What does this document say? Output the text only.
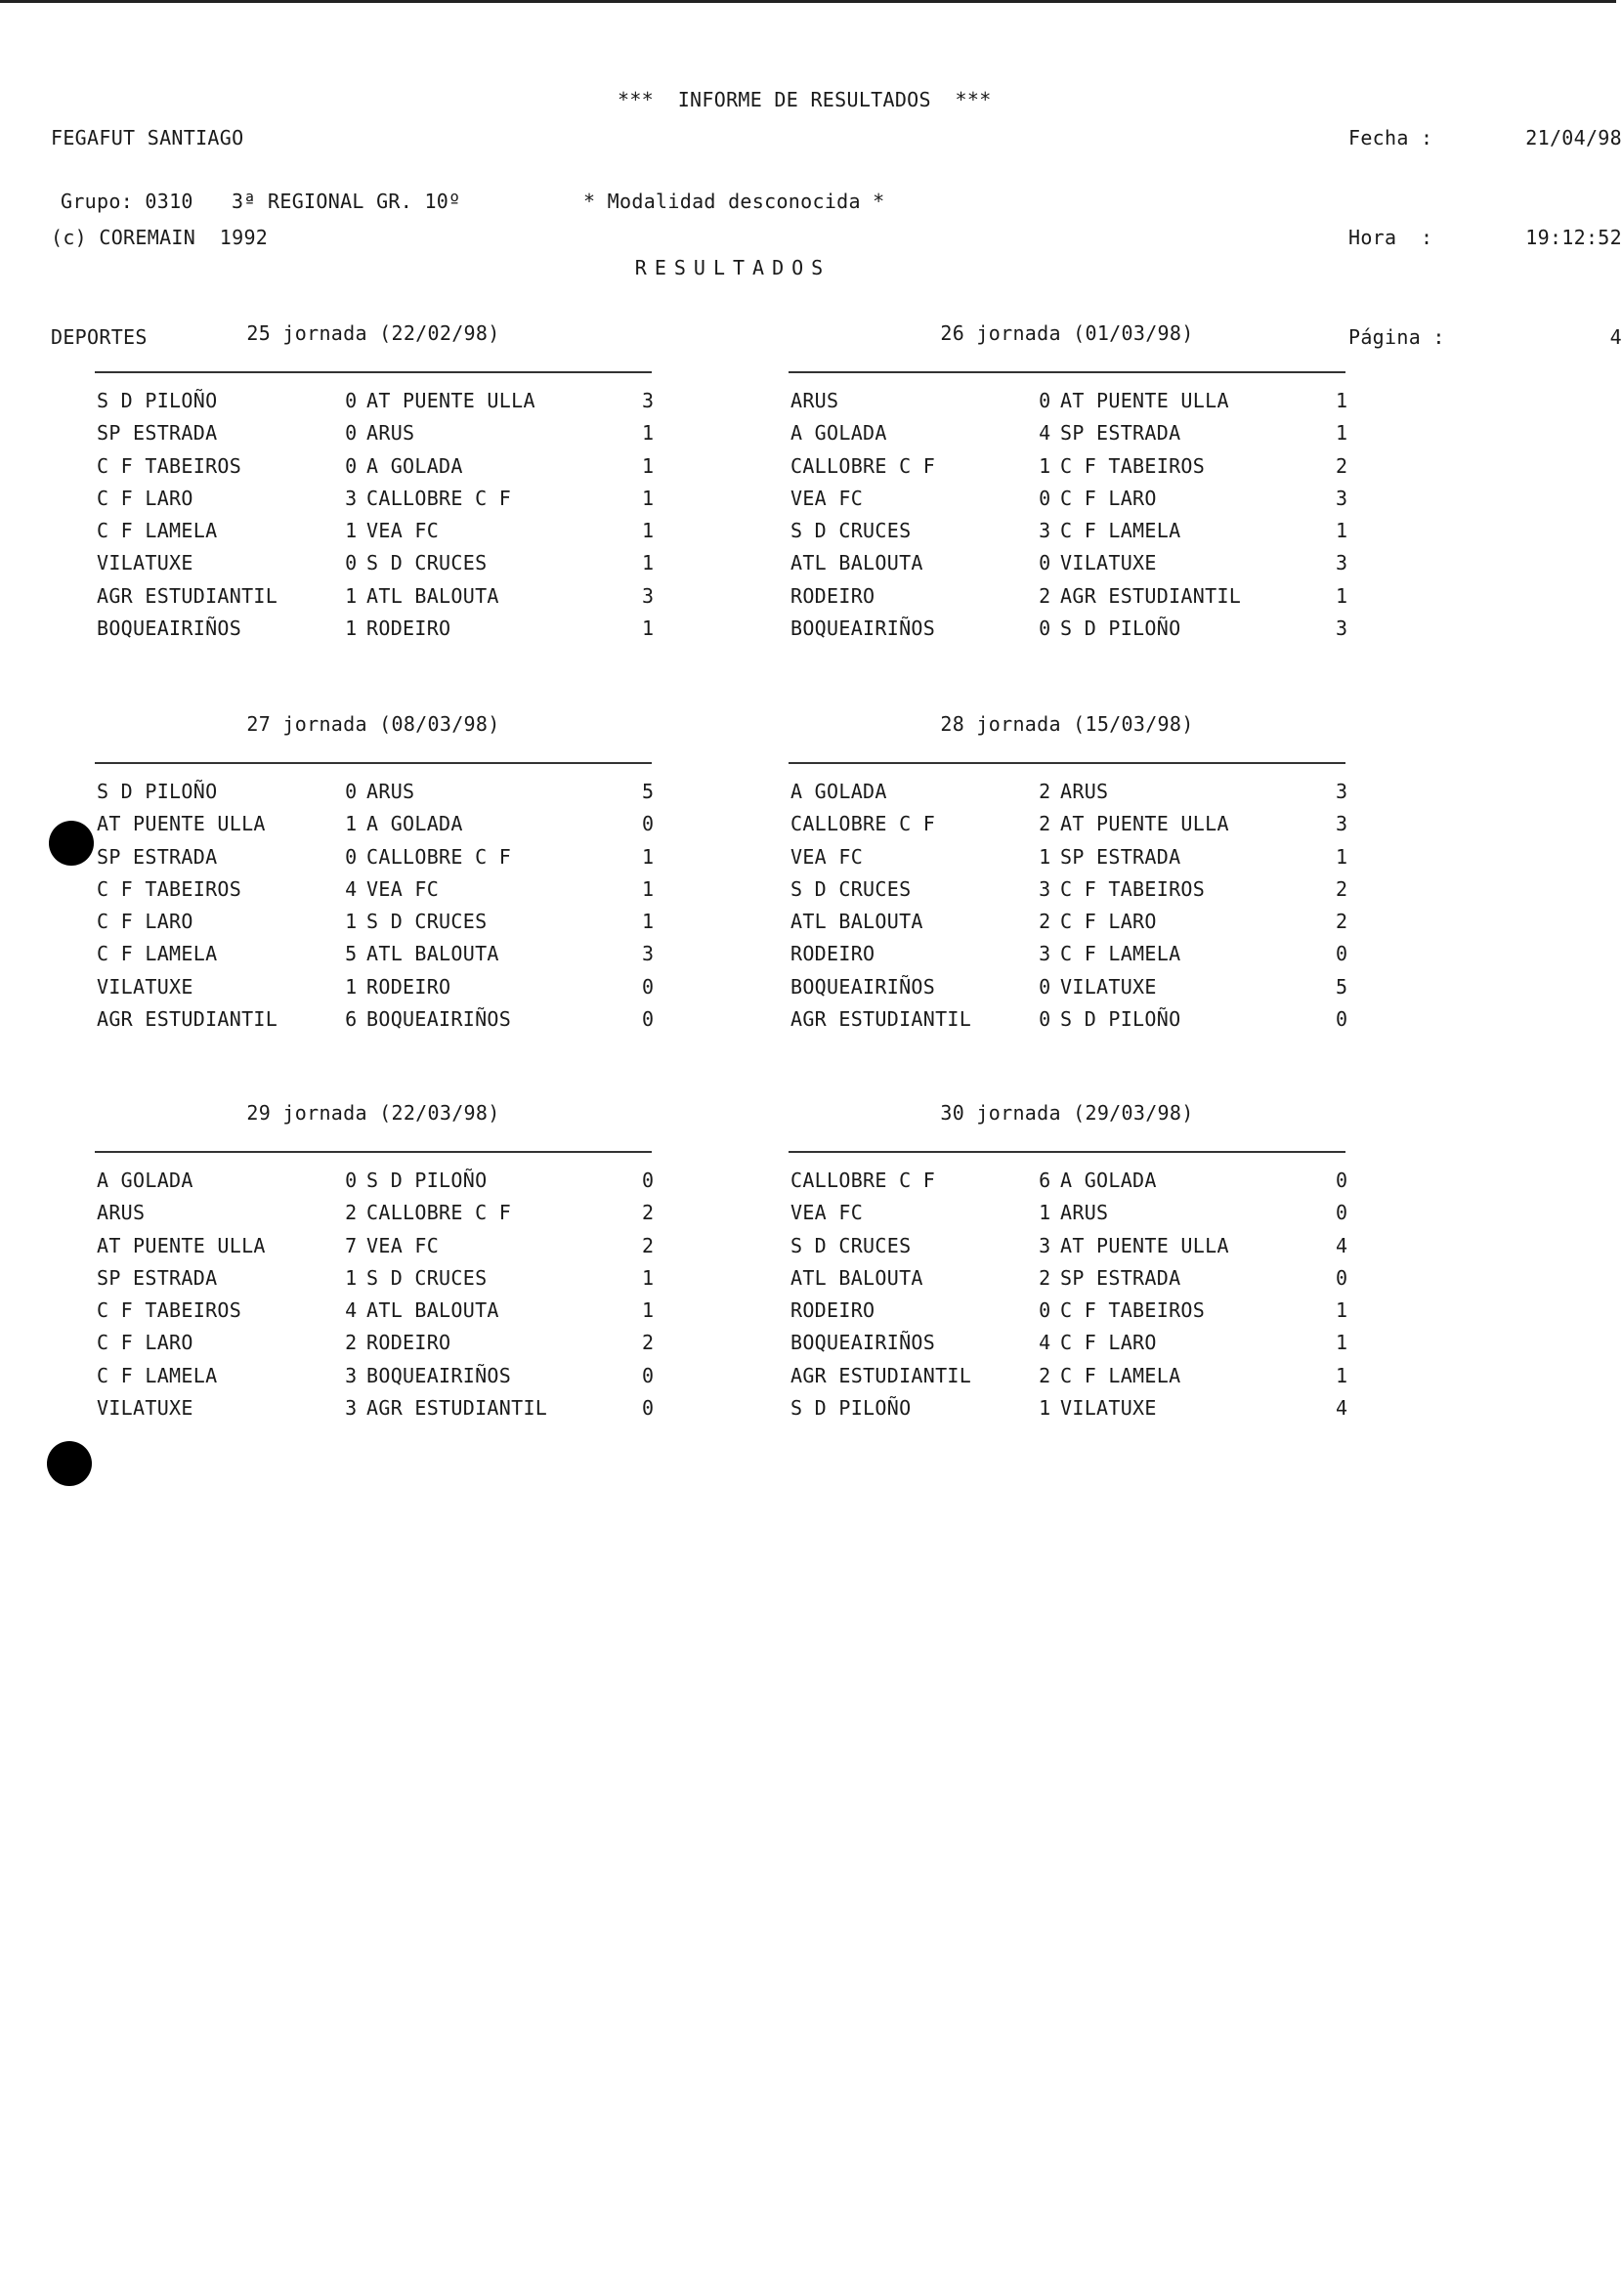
FEGAFUT SANTIAGO

(c) COREMAIN  1992

DEPORTES

***  INFORME DE RESULTADOS  ***

Fecha :	21/04/98

Hora  :	19:12:52

Página :	4

Grupo: 0310	3ª REGIONAL GR. 10º	* Modalidad desconocida *
RESULTADOS
25 jornada (22/02/98)
S D PILOÑO	0 AT PUENTE ULLA	3
SP ESTRADA	0 ARUS	1
C F TABEIROS	0 A GOLADA	1
C F LARO	3 CALLOBRE C F	1
C F LAMELA	1 VEA FC	1
VILATUXE	0 S D CRUCES	1
AGR ESTUDIANTIL	1 ATL BALOUTA	3
BOQUEAIRIÑOS	1 RODEIRO	1
26 jornada (01/03/98)
ARUS	0 AT PUENTE ULLA	1
A GOLADA	4 SP ESTRADA	1
CALLOBRE C F	1 C F TABEIROS	2
VEA FC	0 C F LARO	3
S D CRUCES	3 C F LAMELA	1
ATL BALOUTA	0 VILATUXE	3
RODEIRO	2 AGR ESTUDIANTIL	1
BOQUEAIRIÑOS	0 S D PILOÑO	3
27 jornada (08/03/98)
S D PILOÑO	0 ARUS	5
AT PUENTE ULLA	1 A GOLADA	0
SP ESTRADA	0 CALLOBRE C F	1
C F TABEIROS	4 VEA FC	1
C F LARO	1 S D CRUCES	1
C F LAMELA	5 ATL BALOUTA	3
VILATUXE	1 RODEIRO	0
AGR ESTUDIANTIL	6 BOQUEAIRIÑOS	0
28 jornada (15/03/98)
A GOLADA	2 ARUS	3
CALLOBRE C F	2 AT PUENTE ULLA	3
VEA FC	1 SP ESTRADA	1
S D CRUCES	3 C F TABEIROS	2
ATL BALOUTA	2 C F LARO	2
RODEIRO	3 C F LAMELA	0
BOQUEAIRIÑOS	0 VILATUXE	5
AGR ESTUDIANTIL	0 S D PILOÑO	0
29 jornada (22/03/98)
A GOLADA	0 S D PILOÑO	0
ARUS	2 CALLOBRE C F	2
AT PUENTE ULLA	7 VEA FC	2
SP ESTRADA	1 S D CRUCES	1
C F TABEIROS	4 ATL BALOUTA	1
C F LARO	2 RODEIRO	2
C F LAMELA	3 BOQUEAIRIÑOS	0
VILATUXE	3 AGR ESTUDIANTIL	0
30 jornada (29/03/98)
CALLOBRE C F	6 A GOLADA	0
VEA FC	1 ARUS	0
S D CRUCES	3 AT PUENTE ULLA	4
ATL BALOUTA	2 SP ESTRADA	0
RODEIRO	0 C F TABEIROS	1
BOQUEAIRIÑOS	4 C F LARO	1
AGR ESTUDIANTIL	2 C F LAMELA	1
S D PILOÑO	1 VILATUXE	4
